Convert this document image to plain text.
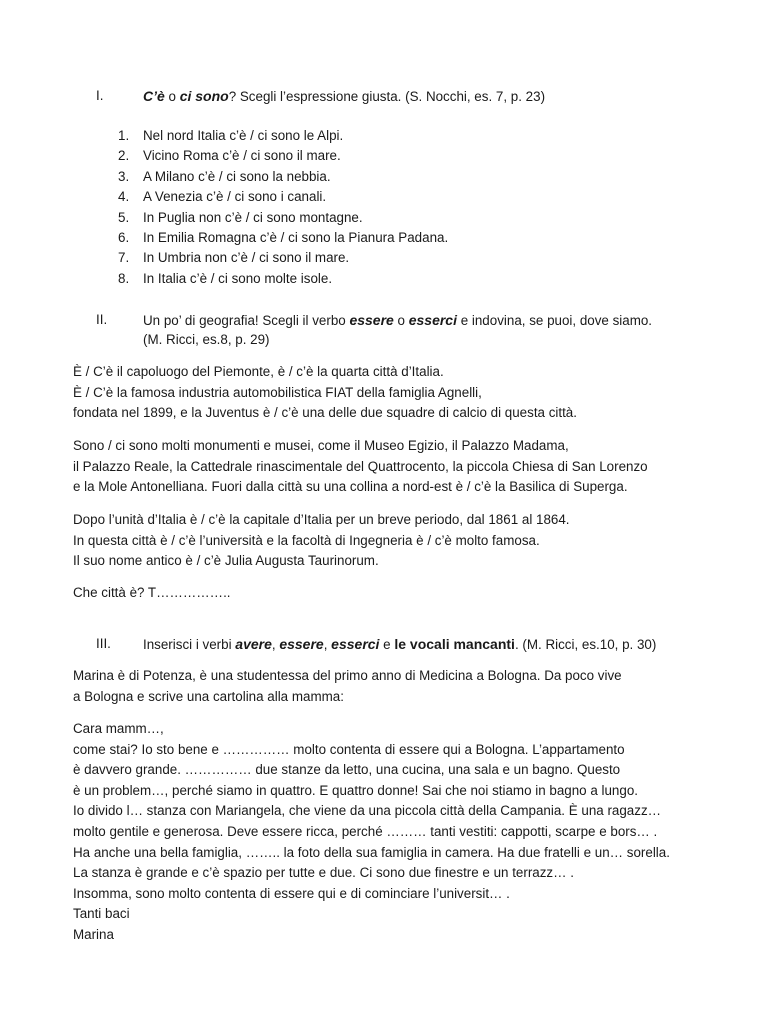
I.	C’è o ci sono? Scegli l’espressione giusta. (S. Nocchi, es. 7, p. 23)
1. Nel nord Italia c’è / ci sono le Alpi.
2. Vicino Roma c’è / ci sono il mare.
3. A Milano c’è / ci sono la nebbia.
4. A Venezia c’è / ci sono i canali.
5. In Puglia non c’è / ci sono montagne.
6. In Emilia Romagna c’è / ci sono la Pianura Padana.
7. In Umbria non c’è / ci sono il mare.
8. In Italia c’è / ci sono molte isole.
II.	Un po’ di geografia! Scegli il verbo essere o esserci e indovina, se puoi, dove siamo.
(M. Ricci, es.8, p. 29)
È / C’è il capoluogo del Piemonte, è / c’è la quarta città d’Italia.
È / C’è la famosa industria automobilistica FIAT della famiglia Agnelli,
fondata nel 1899, e la Juventus è / c’è una delle due squadre di calcio di questa città.
Sono / ci sono molti monumenti e musei, come il Museo Egizio, il Palazzo Madama,
il Palazzo Reale, la Cattedrale rinascimentale del Quattrocento, la piccola Chiesa di San Lorenzo
e la Mole Antonelliana. Fuori dalla città su una collina a nord-est è / c’è la Basilica di Superga.
Dopo l’unità d’Italia è / c’è la capitale d’Italia per un breve periodo, dal 1861 al 1864.
In questa città è / c’è l’università e la facoltà di Ingegneria è / c’è molto famosa.
Il suo nome antico è / c’è Julia Augusta Taurinorum.
Che città è? T……………..
III. Inserisci i verbi avere, essere, esserci e le vocali mancanti. (M. Ricci, es.10, p. 30)
Marina è di Potenza, è una studentessa del primo anno di Medicina a Bologna. Da poco vive
a Bologna e scrive una cartolina alla mamma:
Cara mamm…,
come stai? Io sto bene e …………… molto contenta di essere qui a Bologna. L’appartamento
è davvero grande. …………… due stanze da letto, una cucina, una sala e un bagno. Questo
è un problem…, perché siamo in quattro. E quattro donne! Sai che noi stiamo in bagno a lungo.
Io divido l… stanza con Mariangela, che viene da una piccola città della Campania. È una ragazz…
molto gentile e generosa. Deve essere ricca, perché ……… tanti vestiti: cappotti, scarpe e bors… .
Ha anche una bella famiglia, …….. la foto della sua famiglia in camera. Ha due fratelli e un… sorella.
La stanza è grande e c’è spazio per tutte e due. Ci sono due finestre e un terrazz… .
Insomma, sono molto contenta di essere qui e di cominciare l’universit… .
Tanti baci
Marina
